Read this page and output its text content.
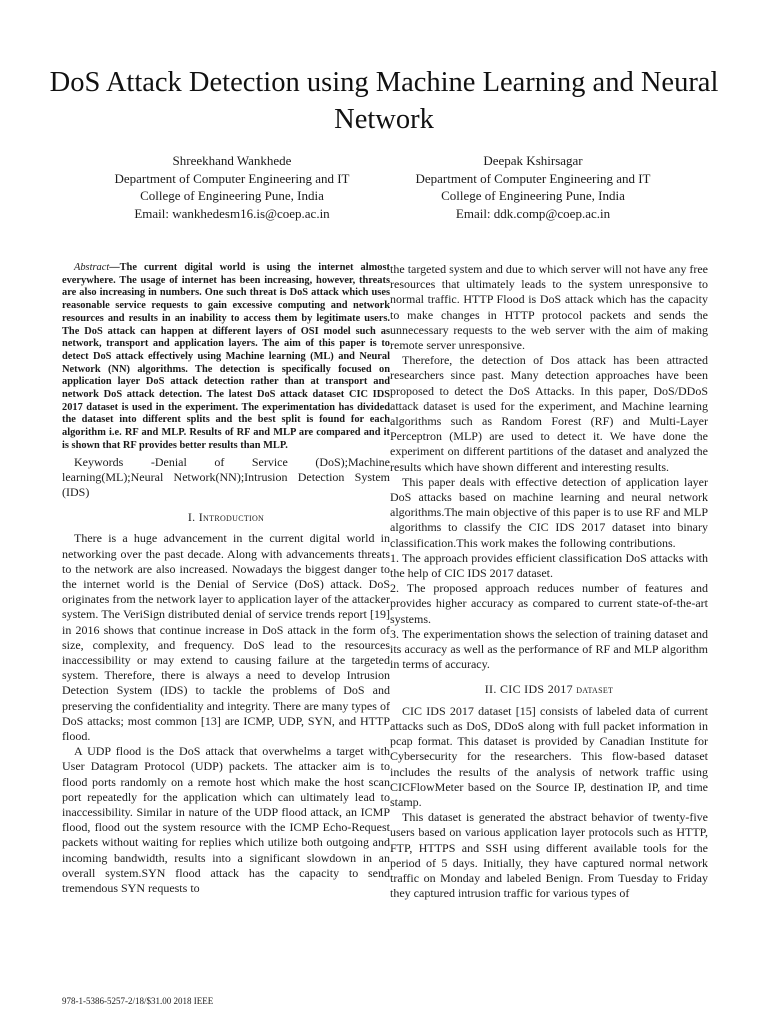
DoS Attack Detection using Machine Learning and Neural Network
Shreekhand Wankhede
Department of Computer Engineering and IT
College of Engineering Pune, India
Email: wankhedesm16.is@coep.ac.in
Deepak Kshirsagar
Department of Computer Engineering and IT
College of Engineering Pune, India
Email: ddk.comp@coep.ac.in

Abstract—The current digital world is using the internet almost everywhere. The usage of internet has been increasing, however, threats are also increasing in numbers. One such threat is DoS attack which uses reasonable service requests to gain excessive computing and network resources and results in an inability to access them by legitimate users. The DoS attack can happen at different layers of OSI model such as network, transport and application layers. The aim of this paper is to detect DoS attack effectively using Machine learning (ML) and Neural Network (NN) algorithms. The detection is specifically focused on application layer DoS attack detection rather than at transport and network DoS attack detection. The latest DoS attack dataset CIC IDS 2017 dataset is used in the experiment. The experimentation has divided the dataset into different splits and the best split is found for each algorithm i.e. RF and MLP. Results of RF and MLP are compared and it is shown that RF provides better results than MLP.

Keywords -Denial of Service (DoS);Machine learning(ML);Neural Network(NN);Intrusion Detection System (IDS)

I. Introduction

There is a huge advancement in the current digital world in networking over the past decade. Along with advancements threats to the network are also increased. Nowadays the biggest danger to the internet world is the Denial of Service (DoS) attack. DoS originates from the network layer to application layer of the attacker system. The VeriSign distributed denial of service trends report [19] in 2016 shows that continue increase in DoS attack in the form of size, complexity, and frequency. DoS lead to the resources inaccessibility or may extend to causing failure at the targeted system. Therefore, there is always a need to develop Intrusion Detection System (IDS) to tackle the problems of DoS and preserving the confidentiality and integrity. There are many types of DoS attacks; most common [13] are ICMP, UDP, SYN, and HTTP flood.

A UDP flood is the DoS attack that overwhelms a target with User Datagram Protocol (UDP) packets. The attacker aim is to flood ports randomly on a remote host which make the host scan port repeatedly for the application which can ultimately lead to inaccessibility. Similar in nature of the UDP flood attack, an ICMP flood, flood out the system resource with the ICMP Echo-Request packets without waiting for replies which utilize both outgoing and incoming bandwidth, results into a significant slowdown in an overall system.SYN flood attack has the capacity to send tremendous SYN requests to

the targeted system and due to which server will not have any free resources that ultimately leads to the system unresponsive to normal traffic. HTTP Flood is DoS attack which has the capacity to make changes in HTTP protocol packets and sends the unnecessary requests to the web server with the aim of making remote server unresponsive.

Therefore, the detection of Dos attack has been attracted researchers since past. Many detection approaches have been proposed to detect the DoS Attacks. In this paper, DoS/DDoS attack dataset is used for the experiment, and Machine learning algorithms such as Random Forest (RF) and Multi-Layer Perceptron (MLP) are used to detect it. We have done the experiment on different partitions of the dataset and analyzed the results which have shown different and interesting results.

This paper deals with effective detection of application layer DoS attacks based on machine learning and neural network algorithms.The main objective of this paper is to use RF and MLP algorithms to classify the CIC IDS 2017 dataset into binary classification.This work makes the following contributions.

1. The approach provides efficient classification DoS attacks with the help of CIC IDS 2017 dataset.

2. The proposed approach reduces number of features and provides higher accuracy as compared to current state-of-the-art systems.

3. The experimentation shows the selection of training dataset and its accuracy as well as the performance of RF and MLP algorithm in terms of accuracy.

II. CIC IDS 2017 dataset

CIC IDS 2017 dataset [15] consists of labeled data of current attacks such as DoS, DDoS along with full packet information in pcap format. This dataset is provided by Canadian Institute for Cybersecurity for the researchers. This flow-based dataset includes the results of the analysis of network traffic using CICFlowMeter based on the Source IP, destination IP, and time stamp.

This dataset is generated the abstract behavior of twenty-five users based on various application layer protocols such as HTTP, FTP, HTTPS and SSH using different available tools for the period of 5 days. Initially, they have captured normal network traffic on Monday and labeled Benign. From Tuesday to Friday they captured intrusion traffic for various types of

978-1-5386-5257-2/18/$31.00 2018 IEEE
